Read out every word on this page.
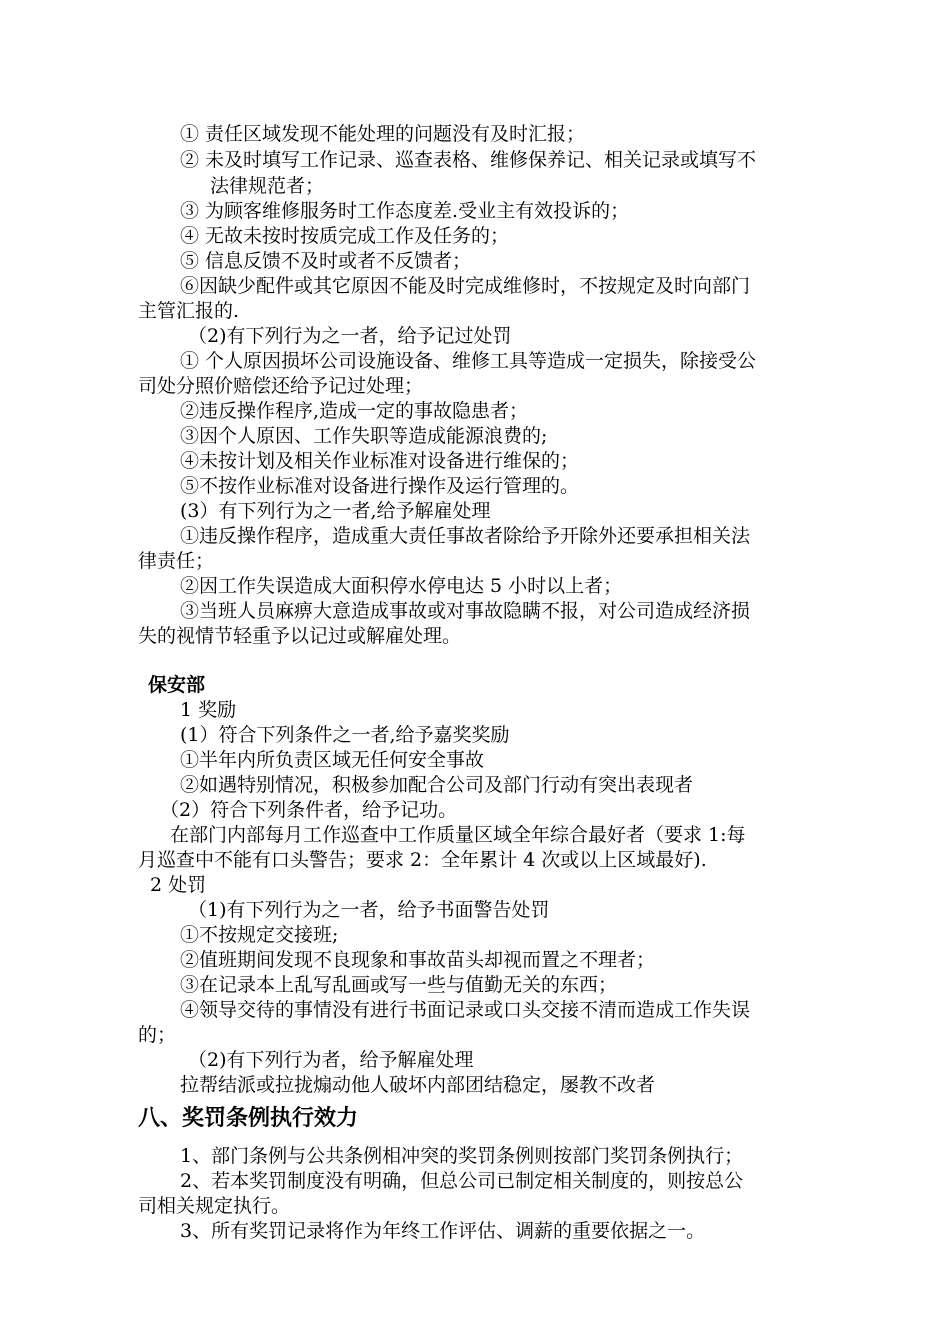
① 责任区域发现不能处理的问题没有及时汇报；

② 未及时填写工作记录、巡查表格、维修保养记、相关记录或填写不

法律规范者；

③ 为顾客维修服务时工作态度差.受业主有效投诉的；

④ 无故未按时按质完成工作及任务的；

⑤ 信息反馈不及时或者不反馈者；

⑥因缺少配件或其它原因不能及时完成维修时，不按规定及时向部门

主管汇报的.

（2)有下列行为之一者，给予记过处罚

① 个人原因损坏公司设施设备、维修工具等造成一定损失，除接受公

司处分照价赔偿还给予记过处理；

②违反操作程序,造成一定的事故隐患者；

③因个人原因、工作失职等造成能源浪费的;

④未按计划及相关作业标准对设备进行维保的；

⑤不按作业标准对设备进行操作及运行管理的。

(3）有下列行为之一者,给予解雇处理

①违反操作程序，造成重大责任事故者除给予开除外还要承担相关法

律责任；

②因工作失误造成大面积停水停电达 5 小时以上者；

③当班人员麻痹大意造成事故或对事故隐瞒不报，对公司造成经济损

失的视情节轻重予以记过或解雇处理。

保安部

1 奖励

(1）符合下列条件之一者,给予嘉奖奖励

①半年内所负责区域无任何安全事故

②如遇特别情况，积极参加配合公司及部门行动有突出表现者

（2）符合下列条件者，给予记功。

在部门内部每月工作巡查中工作质量区域全年综合最好者（要求 1:每

月巡查中不能有口头警告；要求 2：全年累计 4 次或以上区域最好).

2 处罚

（1)有下列行为之一者，给予书面警告处罚

①不按规定交接班;

②值班期间发现不良现象和事故苗头却视而置之不理者；

③在记录本上乱写乱画或写一些与值勤无关的东西；

④领导交待的事情没有进行书面记录或口头交接不清而造成工作失误

的；

（2)有下列行为者，给予解雇处理

拉帮结派或拉拢煽动他人破坏内部团结稳定，屡教不改者

八、奖罚条例执行效力

1、部门条例与公共条例相冲突的奖罚条例则按部门奖罚条例执行；

2、若本奖罚制度没有明确，但总公司已制定相关制度的，则按总公

司相关规定执行。

3、所有奖罚记录将作为年终工作评估、调薪的重要依据之一。
